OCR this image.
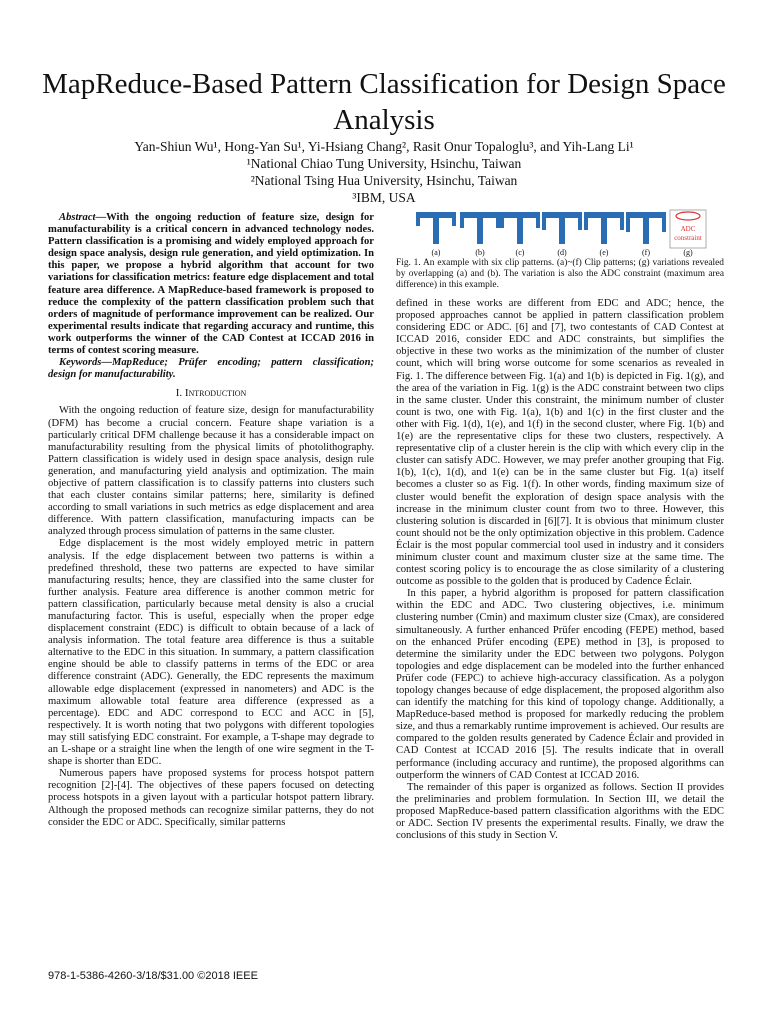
MapReduce-Based Pattern Classification for Design Space Analysis
Yan-Shiun Wu¹, Hong-Yan Su¹, Yi-Hsiang Chang², Rasit Onur Topaloglu³, and Yih-Lang Li¹
¹National Chiao Tung University, Hsinchu, Taiwan
²National Tsing Hua University, Hsinchu, Taiwan
³IBM, USA

Abstract—With the ongoing reduction of feature size, design for manufacturability is a critical concern in advanced technology nodes. Pattern classification is a promising and widely employed approach for design space analysis, design rule generation, and yield optimization. In this paper, we propose a hybrid algorithm that account for two variations for classification metrics: feature edge displacement and total feature area difference. A MapReduce-based framework is proposed to reduce the complexity of the pattern classification problem such that orders of magnitude of performance improvement can be realized. Our experimental results indicate that regarding accuracy and runtime, this work outperforms the winner of the CAD Contest at ICCAD 2016 in terms of contest scoring measure.

Keywords—MapReduce; Prüfer encoding; pattern classification; design for manufacturability.

I. Introduction

With the ongoing reduction of feature size, design for manufacturability (DFM) has become a crucial concern. Feature shape variation is a particularly critical DFM challenge because it has a considerable impact on manufacturability resulting from the physical limits of photolithography. Pattern classification is widely used in design space analysis, design rule generation, and manufacturing yield analysis and optimization. The main objective of pattern classification is to classify patterns into clusters such that each cluster contains similar patterns; here, similarity is defined according to small variations in such metrics as edge displacement and area difference. With pattern classification, manufacturing impacts can be analyzed through process simulation of patterns in the same cluster.

Edge displacement is the most widely employed metric in pattern analysis. If the edge displacement between two patterns is within a predefined threshold, these two patterns are expected to have similar manufacturing results; hence, they are classified into the same cluster for further analysis. Feature area difference is another common metric for pattern classification, particularly because metal density is also a crucial manufacturing factor. This is useful, especially when the proper edge displacement constraint (EDC) is difficult to obtain because of a lack of analysis information. The total feature area difference is thus a suitable alternative to the EDC in this situation. In summary, a pattern classification engine should be able to classify patterns in terms of the EDC or area difference constraint (ADC). Generally, the EDC represents the maximum allowable edge displacement (expressed in nanometers) and ADC is the maximum allowable total feature area difference (expressed as a percentage). EDC and ADC correspond to ECC and ACC in [5], respectively. It is worth noting that two polygons with different topologies may still satisfying EDC constraint. For example, a T-shape may degrade to an L-shape or a straight line when the length of one wire segment in the T-shape is shorter than EDC.

Numerous papers have proposed systems for process hotspot pattern recognition [2]-[4]. The objectives of these papers focused on detecting process hotspots in a given layout with a particular hotspot pattern library. Although the proposed methods can recognize similar patterns, they do not consider the EDC or ADC. Specifically, similar patterns

ADC
constraint
(a)	(b)	(c)	(d)	(e)	(f)	(g)
Fig. 1. An example with six clip patterns. (a)~(f) Clip patterns; (g) variations revealed by overlapping (a) and (b). The variation is also the ADC constraint (maximum area difference) in this example.

defined in these works are different from EDC and ADC; hence, the proposed approaches cannot be applied in pattern classification problem considering EDC or ADC. [6] and [7], two contestants of CAD Contest at ICCAD 2016, consider EDC and ADC constraints, but simplifies the objective in these two works as the minimization of the number of cluster count, which will bring worse outcome for some scenarios as revealed in Fig. 1. The difference between Fig. 1(a) and 1(b) is depicted in Fig. 1(g), and the area of the variation in Fig. 1(g) is the ADC constraint between two clips in the same cluster. Under this constraint, the minimum number of cluster count is two, one with Fig. 1(a), 1(b) and 1(c) in the first cluster and the other with Fig. 1(d), 1(e), and 1(f) in the second cluster, where Fig. 1(b) and 1(e) are the representative clips for these two clusters, respectively. A representative clip of a cluster herein is the clip with which every clip in the cluster can satisfy ADC. However, we may prefer another grouping that Fig. 1(b), 1(c), 1(d), and 1(e) can be in the same cluster but Fig. 1(a) itself becomes a cluster so as Fig. 1(f). In other words, finding maximum size of cluster would benefit the exploration of design space analysis with the increase in the minimum cluster count from two to three. However, this clustering solution is discarded in [6][7]. It is obvious that minimum cluster count should not be the only optimization objective in this problem. Cadence Éclair is the most popular commercial tool used in industry and it considers minimum cluster count and maximum cluster size at the same time. The contest scoring policy is to encourage the as close similarity of a clustering outcome as possible to the golden that is produced by Cadence Éclair.

In this paper, a hybrid algorithm is proposed for pattern classification within the EDC and ADC. Two clustering objectives, i.e. minimum clustering number (Cmin) and maximum cluster size (Cmax), are considered simultaneously. A further enhanced Prüfer encoding (FEPE) method, based on the enhanced Prüfer encoding (EPE) method in [3], is proposed to determine the similarity under the EDC between two polygons. Polygon topologies and edge displacement can be modeled into the further enhanced Prüfer code (FEPC) to achieve high-accuracy classification. As a polygon topology changes because of edge displacement, the proposed algorithm also can identify the matching for this kind of topology change. Additionally, a MapReduce-based method is proposed for markedly reducing the problem size, and thus a remarkably runtime improvement is achieved. Our results are compared to the golden results generated by Cadence Éclair and provided in CAD Contest at ICCAD 2016 [5]. The results indicate that in overall performance (including accuracy and runtime), the proposed algorithms can outperform the winners of CAD Contest at ICCAD 2016.

The remainder of this paper is organized as follows. Section II provides the preliminaries and problem formulation. In Section III, we detail the proposed MapReduce-based pattern classification algorithms with the EDC or ADC. Section IV presents the experimental results. Finally, we draw the conclusions of this study in Section V.

978-1-5386-4260-3/18/$31.00 ©2018 IEEE
